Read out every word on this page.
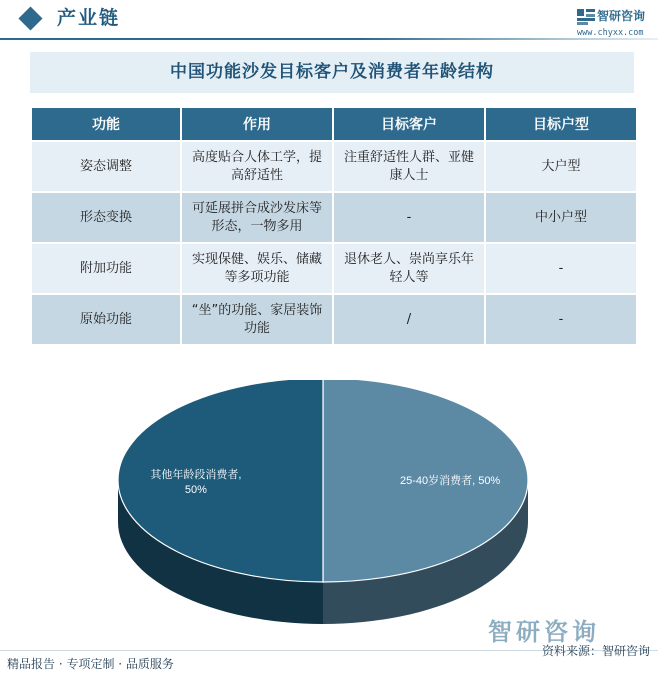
产业链	智研咨询
www.chyxx.com
中国功能沙发目标客户及消费者年龄结构
功能	作用	目标客户	目标户型
姿态调整	高度贴合人体工学，提高舒适性	注重舒适性人群、亚健康人士	大户型
形态变换	可延展拼合成沙发床等形态，一物多用	-	中小户型
附加功能	实现保健、娱乐、储藏等多项功能	退休老人、崇尚享乐年轻人等	-
原始功能	“坐”的功能、家居装饰功能	/	-
25-40岁消费者, 50%
其他年龄段消费者, 50%
智研咨询
精品报告 · 专项定制 · 品质服务
资料来源：智研咨询
